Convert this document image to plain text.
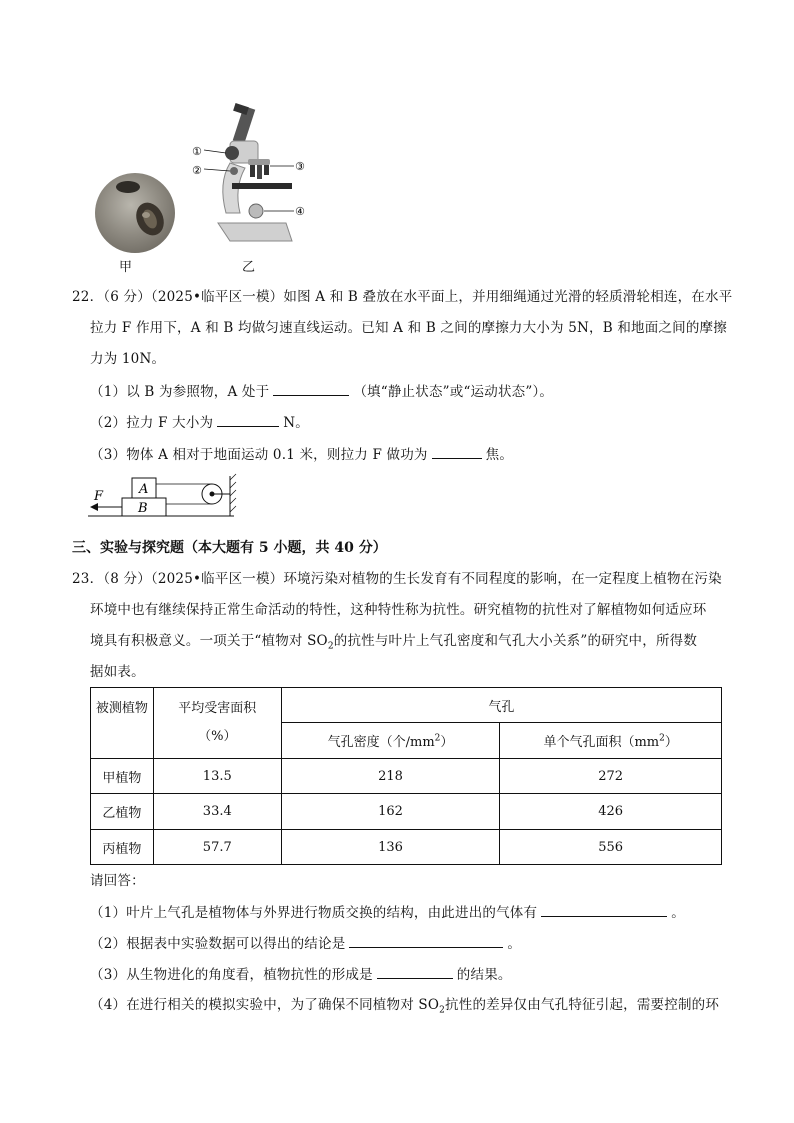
甲
①
②	③
④
乙
22．（6 分）（2025•临平区一模）如图 A 和 B 叠放在水平面上，并用细绳通过光滑的轻质滑轮相连，在水平
拉力 F 作用下，A 和 B 均做匀速直线运动。已知 A 和 B 之间的摩擦力大小为 5N，B 和地面之间的摩擦
力为 10N。
（1）以 B 为参照物，A 处于	（填“静止状态”或“运动状态”）。
（2）拉力 F 大小为	N。
（3）物体 A 相对于地面运动 0.1 米，则拉力 F 做功为	焦。
A
B
F
三、实验与探究题（本大题有 5 小题，共 40 分）
23．（8 分）（2025•临平区一模）环境污染对植物的生长发育有不同程度的影响，在一定程度上植物在污染
环境中也有继续保持正常生命活动的特性，这种特性称为抗性。研究植物的抗性对了解植物如何适应环
境具有积极意义。一项关于“植物对 $SO_2$的抗性与叶片上气孔密度和气孔大小关系”的研究中，所得数
据如表。
被测植物	平均受害面积	气孔	
	（%）	气孔密度（个$/mm^2$）	单个气孔面积$(mm^2)$
甲植物	13.5	218	272
乙植物	33.4	162	426
丙植物	57.7	136	556
请回答：
（1）叶片上气孔是植物体与外界进行物质交换的结构，由此进出的气体有	。
（2）根据表中实验数据可以得出的结论是	。
（3）从生物进化的角度看，植物抗性的形成是	的结果。
（4）在进行相关的模拟实验中，为了确保不同植物对 $SO_2$抗性的差异仅由气孔特征引起，需要控制的环
